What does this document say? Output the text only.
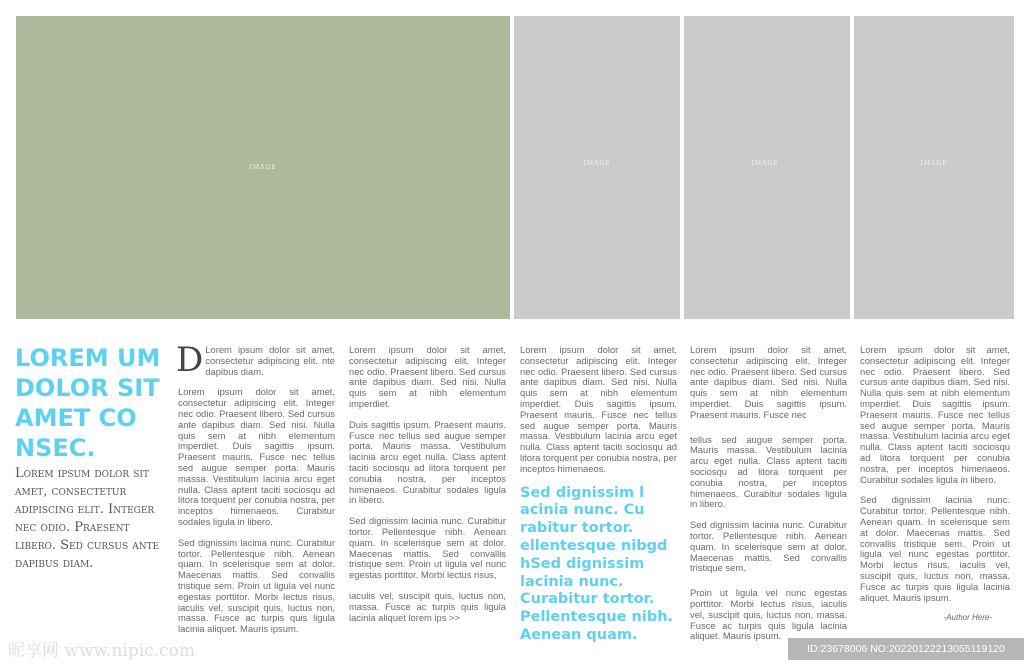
IMAGE
IMAGE	IMAGE	IMAGE
LOREM UM DOLOR SIT AMET CO NSEC.
Lorem ipsum dolor sit amet, consectetur adipiscing elit. Integer nec odio. Praesent libero. Sed cursus ante dapibus diam.

D Lorem ipsum dolor sit amet, consectetur adipiscing elit. nte dapibus diam.

Lorem ipsum dolor sit amet, consectetur adipiscing elit. Integer nec odio. Praesent libero. Sed cursus ante dapibus diam. Sed nisi. Nulla quis sem at nibh elementum imperdiet. Duis sagittis ipsum. Praesent mauris. Fusce nec tellus sed augue semper porta. Mauris massa. Vestibulum lacinia arcu eget nulla. Class aptent taciti sociosqu ad litora torquent per conubia nostra, per inceptos himenaeos. Curabitur sodales ligula in libero.

Sed dignissim lacinia nunc. Curabitur tortor. Pellentesque nibh. Aenean quam. In scelerisque sem at dolor. Maecenas mattis. Sed convallis tristique sem. Proin ut ligula vel nunc egestas porttitor. Morbi lectus risus, iaculis vel, suscipit quis, luctus non, massa. Fusce ac turpis quis ligula lacinia aliquet. Mauris ipsum.

Lorem ipsum dolor sit amet, consectetur adipiscing elit. Integer nec odio. Praesent libero. Sed cursus ante dapibus diam. Sed nisi. Nulla quis sem at nibh elementum imperdiet.

Duis sagittis ipsum. Praesent mauris. Fusce nec tellus sed augue semper porta. Mauris massa. Vestibulum lacinia arcu eget nulla. Class aptent taciti sociosqu ad litora torquent per conubia nostra, per inceptos himenaeos. Curabitur sodales ligula in libero.

Sed dignissim lacinia nunc. Curabitur tortor. Pellentesque nibh. Aenean quam. In scelerisque sem at dolor. Maecenas mattis. Sed convallis tristique sem. Proin ut ligula vel nunc egestas porttitor. Morbi lectus risus,

iaculis vel, suscipit quis, luctus non, massa. Fusce ac turpis quis ligula lacinia aliquet lorem ips >>

Lorem ipsum dolor sit amet, consectetur adipiscing elit. Integer nec odio. Praesent libero. Sed cursus ante dapibus diam. Sed nisi. Nulla quis sem at nibh elementum imperdiet. Duis sagittis ipsum. Praesent mauris. Fusce nec tellus sed augue semper porta. Mauris massa. Vestibulum lacinia arcu eget nulla. Class aptent taciti sociosqu ad litora torquent per conubia nostra, per inceptos himenaeos.

Sed dignissim l acinia nunc. Cu rabitur tortor. ellentesque nibgd hSed dignissim lacinia nunc. Curabitur tortor. Pellentesque nibh. Aenean quam.

Lorem ipsum dolor sit amet, consectetur adipiscing elit. Integer nec odio. Praesent libero. Sed cursus ante dapibus diam. Sed nisi. Nulla quis sem at nibh elementum imperdiet. Duis sagittis ipsum. Praesent mauris. Fusce nec

tellus sed augue semper porta. Mauris massa. Vestibulum lacinia arcu eget nulla. Class aptent taciti sociosqu ad litora torquent per conubia nostra, per inceptos himenaeos. Curabitur sodales ligula in libero.

Sed dignissim lacinia nunc. Curabitur tortor. Pellentesque nibh. Aenean quam. In scelerisque sem at dolor. Maecenas mattis. Sed convallis tristique sem.

Proin ut ligula vel nunc egestas porttitor. Morbi lectus risus, iaculis vel, suscipit quis, luctus non, massa. Fusce ac turpis quis ligula lacinia aliquet. Mauris ipsum.

Lorem ipsum dolor sit amet, consectetur adipiscing elit. Integer nec odio. Praesent libero. Sed cursus ante dapibus diam. Sed nisi. Nulla quis sem at nibh elementum imperdiet. Duis sagittis ipsum. Praesent mauris. Fusce nec tellus sed augue semper porta. Mauris massa. Vestibulum lacinia arcu eget nulla. Class aptent taciti sociosqu ad litora torquent per conubia nostra, per inceptos himenaeos. Curabitur sodales ligula in libero.

Sed dignissim lacinia nunc. Curabitur tortor. Pellentesque nibh. Aenean quam. In scelerisque sem at dolor. Maecenas mattis. Sed convallis tristique sem. Proin ut ligula vel nunc egestas porttitor. Morbi lectus risus, iaculis vel, suscipit quis, luctus non, massa. Fusce ac turpis quis ligula lacinia aliquet. Mauris ipsum.

-Author Here-
昵享网 www.nipic.com	ID:23678006 NO:20220122213055119120
